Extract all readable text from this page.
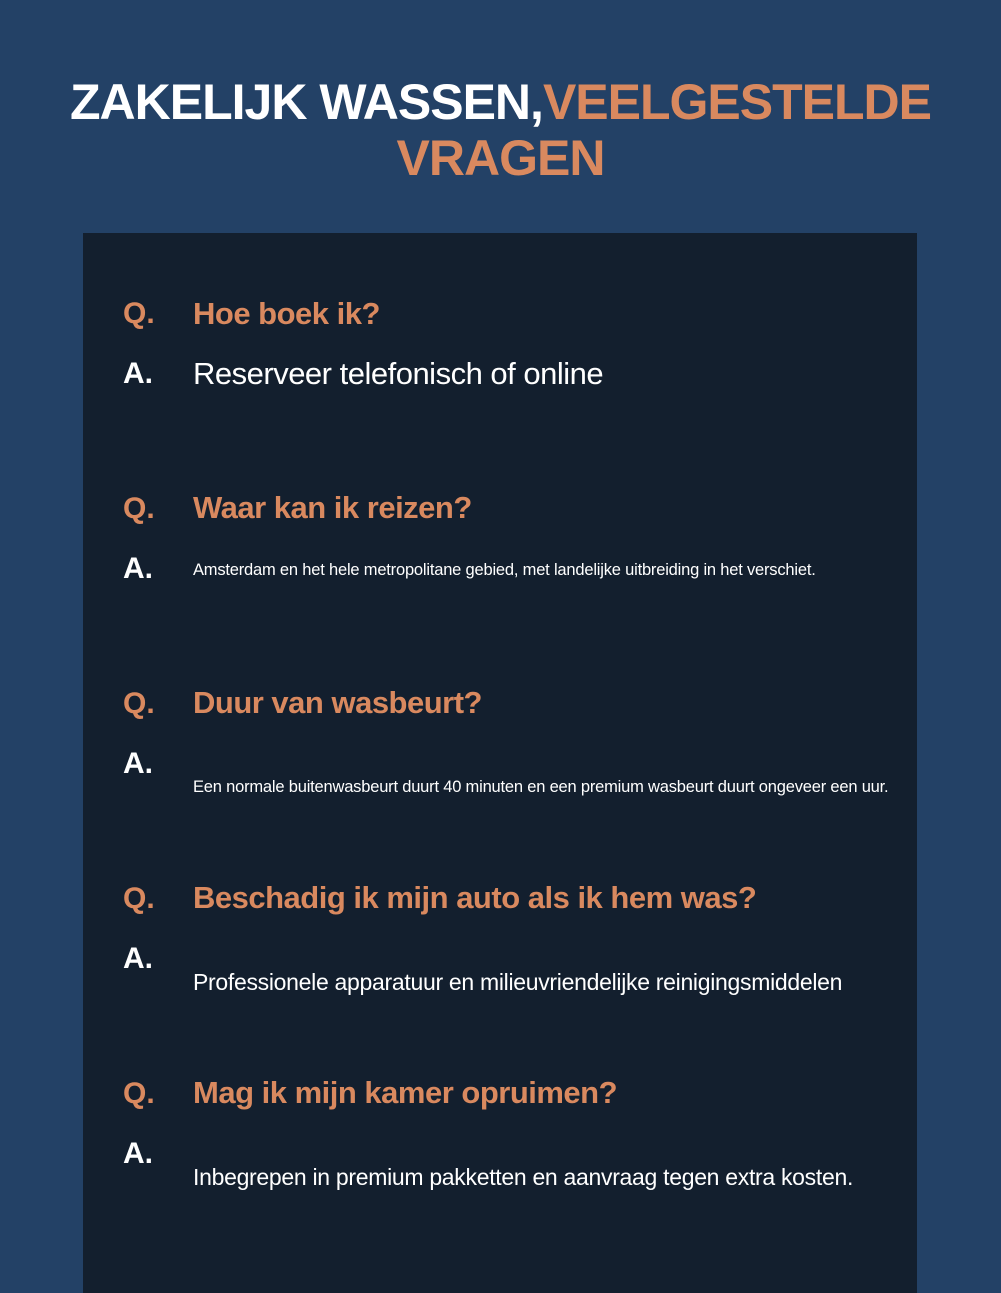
ZAKELIJK WASSEN,VEELGESTELDE VRAGEN
Q. Hoe boek ik?
A. Reserveer telefonisch of online
Q. Waar kan ik reizen?
A. Amsterdam en het hele metropolitane gebied, met landelijke uitbreiding in het verschiet.
Q. Duur van wasbeurt?
A.
Een normale buitenwasbeurt duurt 40 minuten en een premium wasbeurt duurt ongeveer een uur.
Q. Beschadig ik mijn auto als ik hem was?
A.
Professionele apparatuur en milieuvriendelijke reinigingsmiddelen
Q. Mag ik mijn kamer opruimen?
A.
Inbegrepen in premium pakketten en aanvraag tegen extra kosten.
